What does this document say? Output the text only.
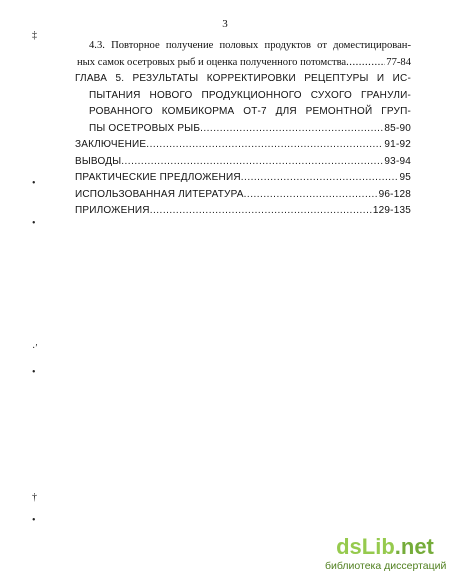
3
‡
•
•
·′
•
†
•
4.3. Повторное получение половых продуктов от доместицирован-
ных самок осетровых рыб и оценка полученного потомства .....	77-84
ГЛАВА 5. РЕЗУЛЬТАТЫ КОРРЕКТИРОВКИ РЕЦЕПТУРЫ И ИС-
ПЫТАНИЯ НОВОГО ПРОДУКЦИОННОГО СУХОГО ГРАНУЛИ-
РОВАННОГО КОМБИКОРМА ОТ-7 ДЛЯ РЕМОНТНОЙ ГРУП-
ПЫ ОСЕТРОВЫХ РЫБ .....	85-90
ЗАКЛЮЧЕНИЕ .....	91-92
ВЫВОДЫ .....	93-94
ПРАКТИЧЕСКИЕ ПРЕДЛОЖЕНИЯ .....	95
ИСПОЛЬЗОВАННАЯ ЛИТЕРАТУРА .....	96-128
ПРИЛОЖЕНИЯ .....	129-135
dsLib.net
библиотека диссертаций
